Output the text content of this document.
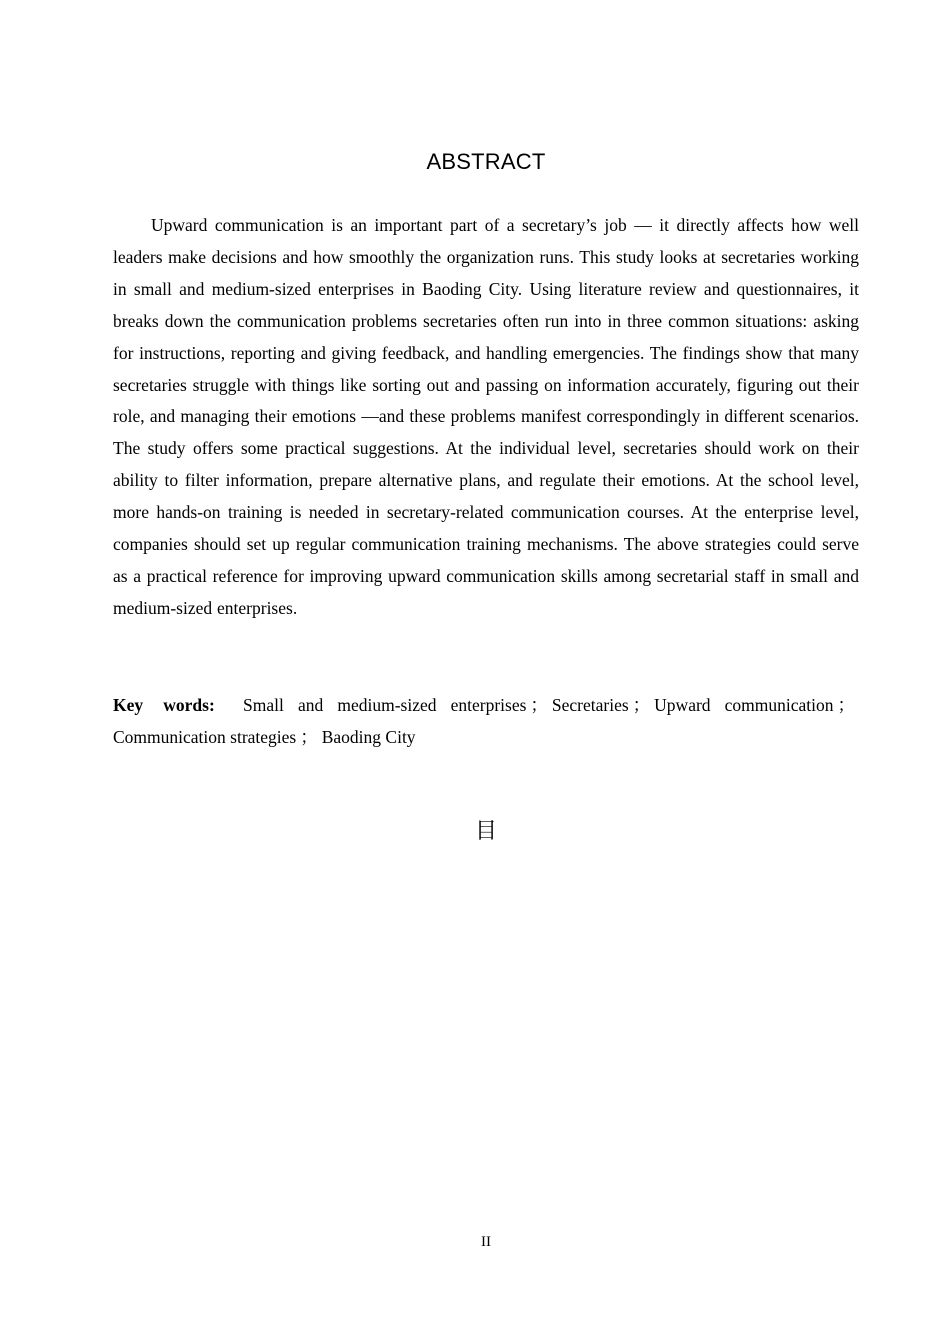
ABSTRACT

Upward communication is an important part of a secretary’s job — it directly affects how well leaders make decisions and how smoothly the organization runs. This study looks at secretaries working in small and medium-sized enterprises in Baoding City. Using literature review and questionnaires, it breaks down the communication problems secretaries often run into in three common situations: asking for instructions, reporting and giving feedback, and handling emergencies. The findings show that many secretaries struggle with things like sorting out and passing on information accurately, figuring out their role, and managing their emotions —and these problems manifest correspondingly in different scenarios. The study offers some practical suggestions. At the individual level, secretaries should work on their ability to filter information, prepare alternative plans, and regulate their emotions. At the school level, more hands-on training is needed in secretary-related communication courses. At the enterprise level, companies should set up regular communication training mechanisms. The above strategies could serve as a practical reference for improving upward communication skills among secretarial staff in small and medium-sized enterprises.

Key words: Small and medium-sized enterprises ； Secretaries ； Upward communication ；Communication strategies ； Baoding City

目
II
